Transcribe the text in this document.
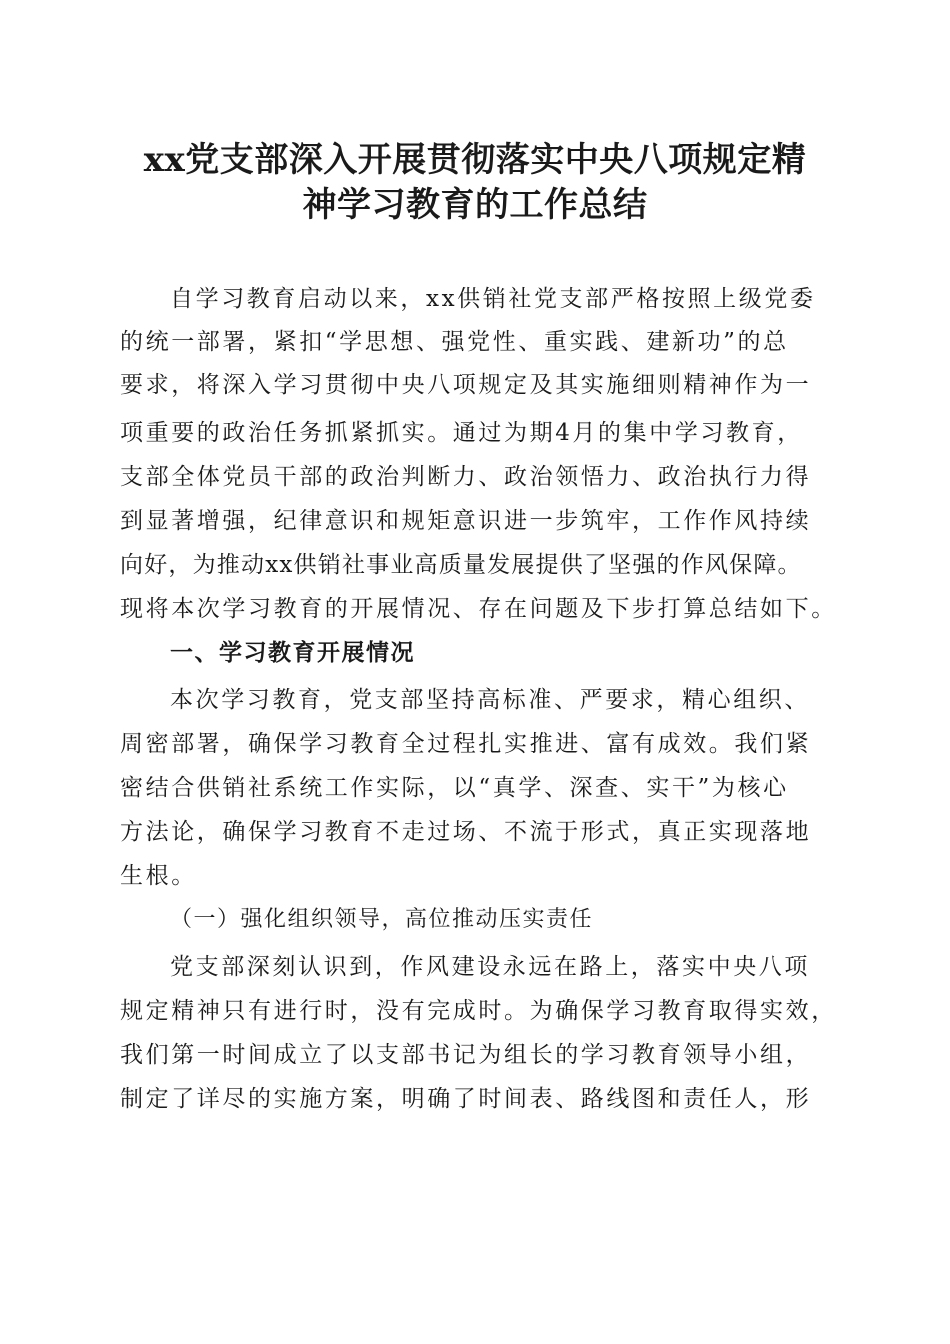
xx党支部深入开展贯彻落实中央八项规定精
神学习教育的工作总结
自学习教育启动以来，xx供销社党支部严格按照上级党委
的统一部署，紧扣“学思想、强党性、重实践、建新功”的总
要求，将深入学习贯彻中央八项规定及其实施细则精神作为一
项重要的政治任务抓紧抓实。通过为期4月的集中学习教育，
支部全体党员干部的政治判断力、政治领悟力、政治执行力得
到显著增强，纪律意识和规矩意识进一步筑牢，工作作风持续
向好，为推动xx供销社事业高质量发展提供了坚强的作风保障。
现将本次学习教育的开展情况、存在问题及下步打算总结如下。
一、学习教育开展情况
本次学习教育，党支部坚持高标准、严要求，精心组织、
周密部署，确保学习教育全过程扎实推进、富有成效。我们紧
密结合供销社系统工作实际，以“真学、深查、实干”为核心
方法论，确保学习教育不走过场、不流于形式，真正实现落地
生根。
（一）强化组织领导，高位推动压实责任
党支部深刻认识到，作风建设永远在路上，落实中央八项
规定精神只有进行时，没有完成时。为确保学习教育取得实效，
我们第一时间成立了以支部书记为组长的学习教育领导小组，
制定了详尽的实施方案，明确了时间表、路线图和责任人，形
